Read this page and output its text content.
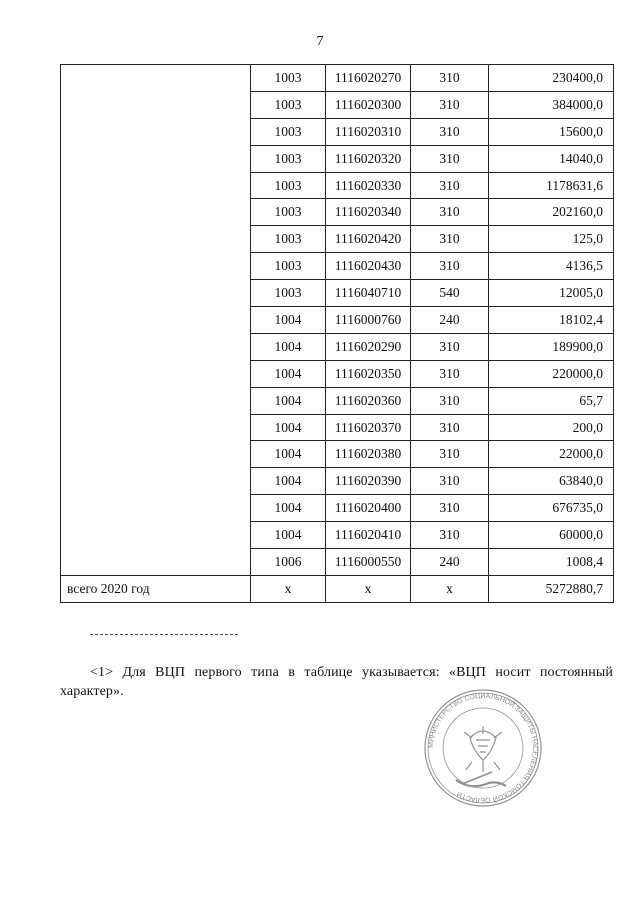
7
	1003	1116020270	310	230400,0
	1003	1116020300	310	384000,0
	1003	1116020310	310	15600,0
	1003	1116020320	310	14040,0
	1003	1116020330	310	1178631,6
	1003	1116020340	310	202160,0
	1003	1116020420	310	125,0
	1003	1116020430	310	4136,5
	1003	1116040710	540	12005,0
	1004	1116000760	240	18102,4
	1004	1116020290	310	189900,0
	1004	1116020350	310	220000,0
	1004	1116020360	310	65,7
	1004	1116020370	310	200,0
	1004	1116020380	310	22000,0
	1004	1116020390	310	63840,0
	1004	1116020400	310	676735,0
	1004	1116020410	310	60000,0
	1006	1116000550	240	1008,4
всего 2020 год	х	х	х	5272880,7
<1> Для ВЦП первого типа в таблице указывается: «ВЦП носит постоянный характер».
МИНИСТЕРСТВО СОЦИАЛЬНОЙ ЗАЩИТЫ НАСЕЛЕНИЯ ТОМСКОЙ ОБЛАСТИ
